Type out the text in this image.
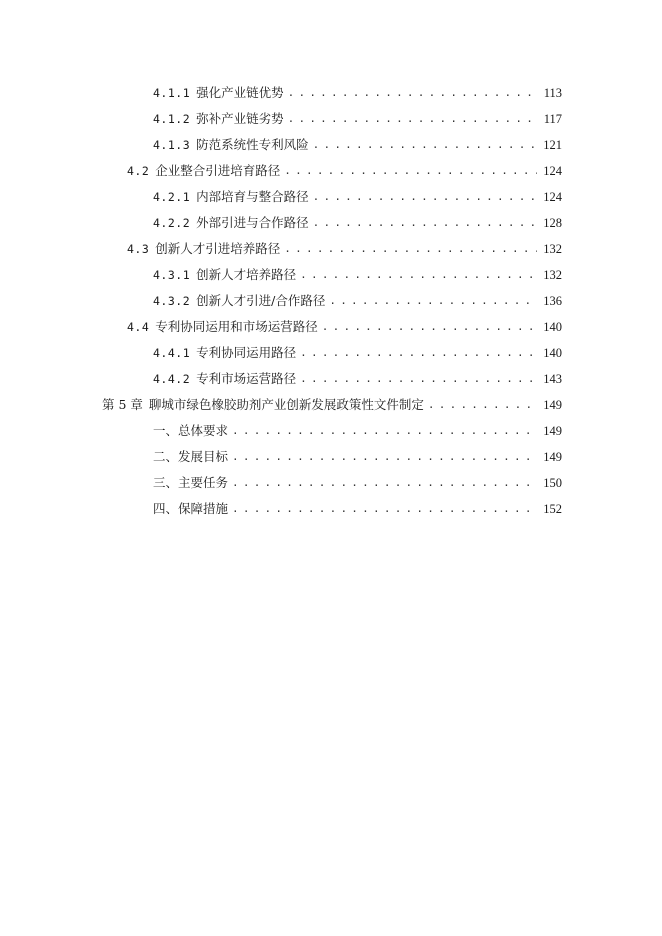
4.1.1 强化产业链优势 . . .	113
4.1.2 弥补产业链劣势 . . .	117
4.1.3 防范系统性专利风险 . . .	121
4.2 企业整合引进培育路径 . . .	124
4.2.1 内部培育与整合路径 . . .	124
4.2.2 外部引进与合作路径 . . .	128
4.3 创新人才引进培养路径 . . .	132
4.3.1 创新人才培养路径 . . .	132
4.3.2 创新人才引进/合作路径 . . .	136
4.4 专利协同运用和市场运营路径 . . .	140
4.4.1 专利协同运用路径 . . .	140
4.4.2 专利市场运营路径 . . .	143
第 5 章 聊城市绿色橡胶助剂产业创新发展政策性文件制定 . . .	149
一、总体要求 . . .	149
二、发展目标 . . .	149
三、主要任务 . . .	150
四、保障措施 . . .	152
